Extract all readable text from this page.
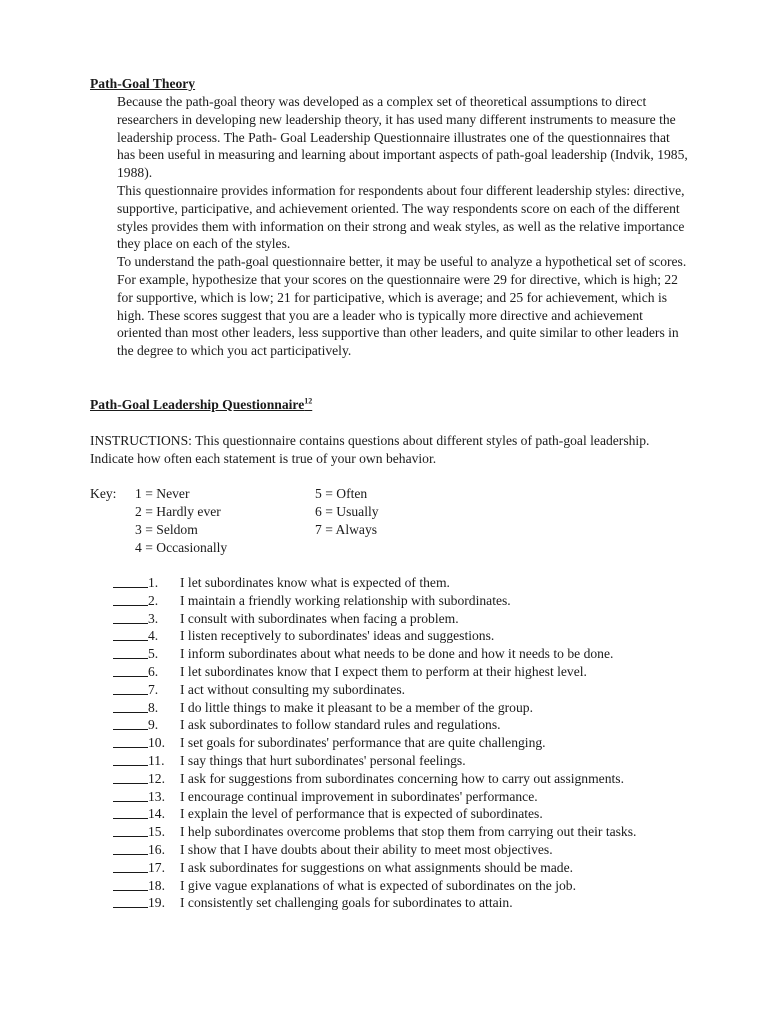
Path-Goal Theory

Because the path-goal theory was developed as a complex set of theoretical assumptions to direct researchers in developing new leadership theory, it has used many different instruments to measure the leadership process. The Path- Goal Leadership Questionnaire illustrates one of the questionnaires that has been useful in measuring and learning about important aspects of path-goal leadership (Indvik, 1985, 1988).

This questionnaire provides information for respondents about four different leadership styles: directive, supportive, participative, and achievement oriented. The way respondents score on each of the different styles provides them with information on their strong and weak styles, as well as the relative importance they place on each of the styles.

To understand the path-goal questionnaire better, it may be useful to analyze a hypothetical set of scores. For example, hypothesize that your scores on the questionnaire were 29 for directive, which is high; 22 for supportive, which is low; 21 for participative, which is average; and 25 for achievement, which is high. These scores suggest that you are a leader who is typically more directive and achievement oriented than most other leaders, less supportive than other leaders, and quite similar to other leaders in the degree to which you act participatively.

Path-Goal Leadership Questionnaire$^{12}$

INSTRUCTIONS: This questionnaire contains questions about different styles of path-goal leadership. Indicate how often each statement is true of your own behavior.

Key: 1 = Never
2 = Hardly ever
3 = Seldom
4 = Occasionally
5 = Often
6 = Usually
7 = Always
1.	I let subordinates know what is expected of them.
2.	I maintain a friendly working relationship with subordinates.
3.	I consult with subordinates when facing a problem.
4.	I listen receptively to subordinates' ideas and suggestions.
5.	I inform subordinates about what needs to be done and how it needs to be done.
6.	I let subordinates know that I expect them to perform at their highest level.
7.	I act without consulting my subordinates.
8.	I do little things to make it pleasant to be a member of the group.
9.	I ask subordinates to follow standard rules and regulations.
10.	I set goals for subordinates' performance that are quite challenging.
11.	I say things that hurt subordinates' personal feelings.
12.	I ask for suggestions from subordinates concerning how to carry out assignments.
13.	I encourage continual improvement in subordinates' performance.
14.	I explain the level of performance that is expected of subordinates.
15.	I help subordinates overcome problems that stop them from carrying out their tasks.
16.	I show that I have doubts about their ability to meet most objectives.
17.	I ask subordinates for suggestions on what assignments should be made.
18.	I give vague explanations of what is expected of subordinates on the job.
19.	I consistently set challenging goals for subordinates to attain.
